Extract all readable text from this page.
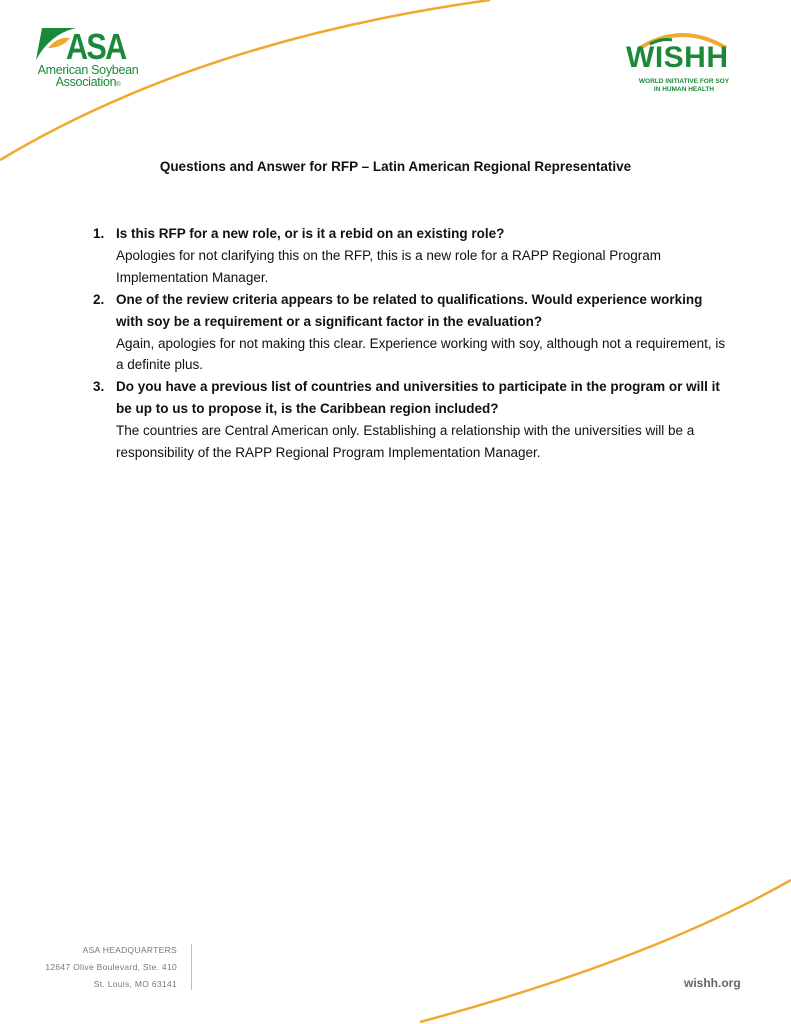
ASA
American Soybean
Association®
WISHH
WORLD INITIATIVE FOR SOY
IN HUMAN HEALTH
Questions and Answer for RFP – Latin American Regional Representative
1. Is this RFP for a new role, or is it a rebid on an existing role?
Apologies for not clarifying this on the RFP, this is a new role for a RAPP Regional Program Implementation Manager.
2. One of the review criteria appears to be related to qualifications. Would experience working with soy be a requirement or a significant factor in the evaluation?
Again, apologies for not making this clear. Experience working with soy, although not a requirement, is a definite plus.
3. Do you have a previous list of countries and universities to participate in the program or will it be up to us to propose it, is the Caribbean region included?
The countries are Central American only. Establishing a relationship with the universities will be a responsibility of the RAPP Regional Program Implementation Manager.
ASA HEADQUARTERS
12647 Olive Boulevard, Ste. 410
St. Louis, MO 63141	wishh.org
